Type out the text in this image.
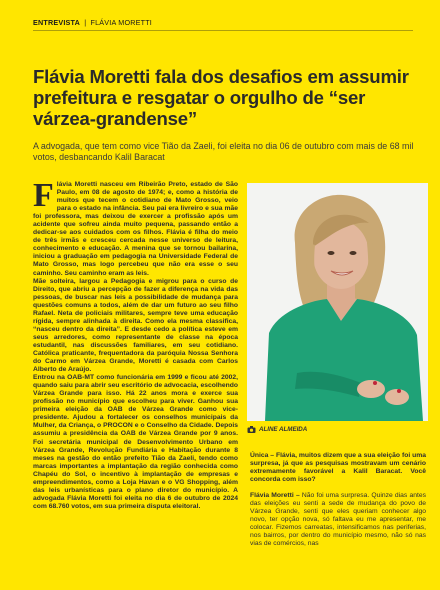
ENTREVISTA | FLÁVIA MORETTI
Flávia Moretti fala dos desafios em assumir prefeitura e resgatar o orgulho de “ser várzea-grandense”

A advogada, que tem como vice Tião da Zaeli, foi eleita no dia 06 de outubro com mais de 68 mil votos, desbancando Kalil Baracat

Flávia Moretti nasceu em Ribeirão Preto, estado de São Paulo, em 08 de agosto de 1974; e, como a história de muitos que tecem o cotidiano de Mato Grosso, veio para o estado na infância. Seu pai era livreiro e sua mãe foi professora, mas deixou de exercer a profissão após um acidente que sofreu ainda muito pequena, passando então a dedicar-se aos cuidados com os filhos. Flávia é filha do meio de três irmãs e cresceu cercada nesse universo de leitura, conhecimento e educação. A menina que se tornou bailarina, iniciou a graduação em pedagogia na Universidade Federal de Mato Grosso, mas logo percebeu que não era esse o seu caminho. Seu caminho eram as leis.

Mãe solteira, largou a Pedagogia e migrou para o curso de Direito, que abriu a percepção de fazer a diferença na vida das pessoas, de buscar nas leis a possibilidade de mudança para questões comuns a todos, além de dar um futuro ao seu filho Rafael. Neta de policiais militares, sempre teve uma educação rígida, sempre alinhada à direita. Como ela mesma classifica, “nasceu dentro da direita”. E desde cedo a política esteve em seus arredores, como representante de classe na época estudantil, nas discussões familiares, em seu cotidiano. Católica praticante, frequentadora da paróquia Nossa Senhora do Carmo em Várzea Grande, Moretti é casada com Carlos Alberto de Araújo.

Entrou na OAB-MT como funcionária em 1999 e ficou até 2002, quando saiu para abrir seu escritório de advocacia, escolhendo Várzea Grande para isso. Há 22 anos mora e exerce sua profissão no município que escolheu para viver. Ganhou sua primeira eleição da OAB de Várzea Grande como vice-presidente. Ajudou a fortalecer os conselhos municipais da Mulher, da Criança, o PROCON e o Conselho da Cidade. Depois assumiu a presidência da OAB de Várzea Grande por 9 anos. Foi secretária municipal de Desenvolvimento Urbano em Várzea Grande, Revolução Fundiária e Habitação durante 8 meses na gestão do então prefeito Tião da Zaeli, tendo como marcas importantes a implantação da região conhecida como Chapéu do Sol, o incentivo à implantação de empresas e empreendimentos, como a Loja Havan e o VG Shopping, além das leis urbanísticas para o plano diretor do município. A advogada Flávia Moretti foi eleita no dia 6 de outubro de 2024 com 68.760 votos, em sua primeira disputa eleitoral.

ALINE ALMEIDA

Única – Flávia, muitos dizem que a sua eleição foi uma surpresa, já que as pesquisas mostravam um cenário extremamente favorável a Kalil Baracat. Você concorda com isso?

Flávia Moretti – Não foi uma surpresa. Quinze dias antes das eleições eu senti a sede de mudança do povo de Várzea Grande, senti que eles queriam conhecer algo novo, ter opção nova, só faltava eu me apresentar, me colocar. Fizemos carreatas, intensificamos nas periferias, nos bairros, por dentro do município mesmo, não só nas vias de comércios, nas
